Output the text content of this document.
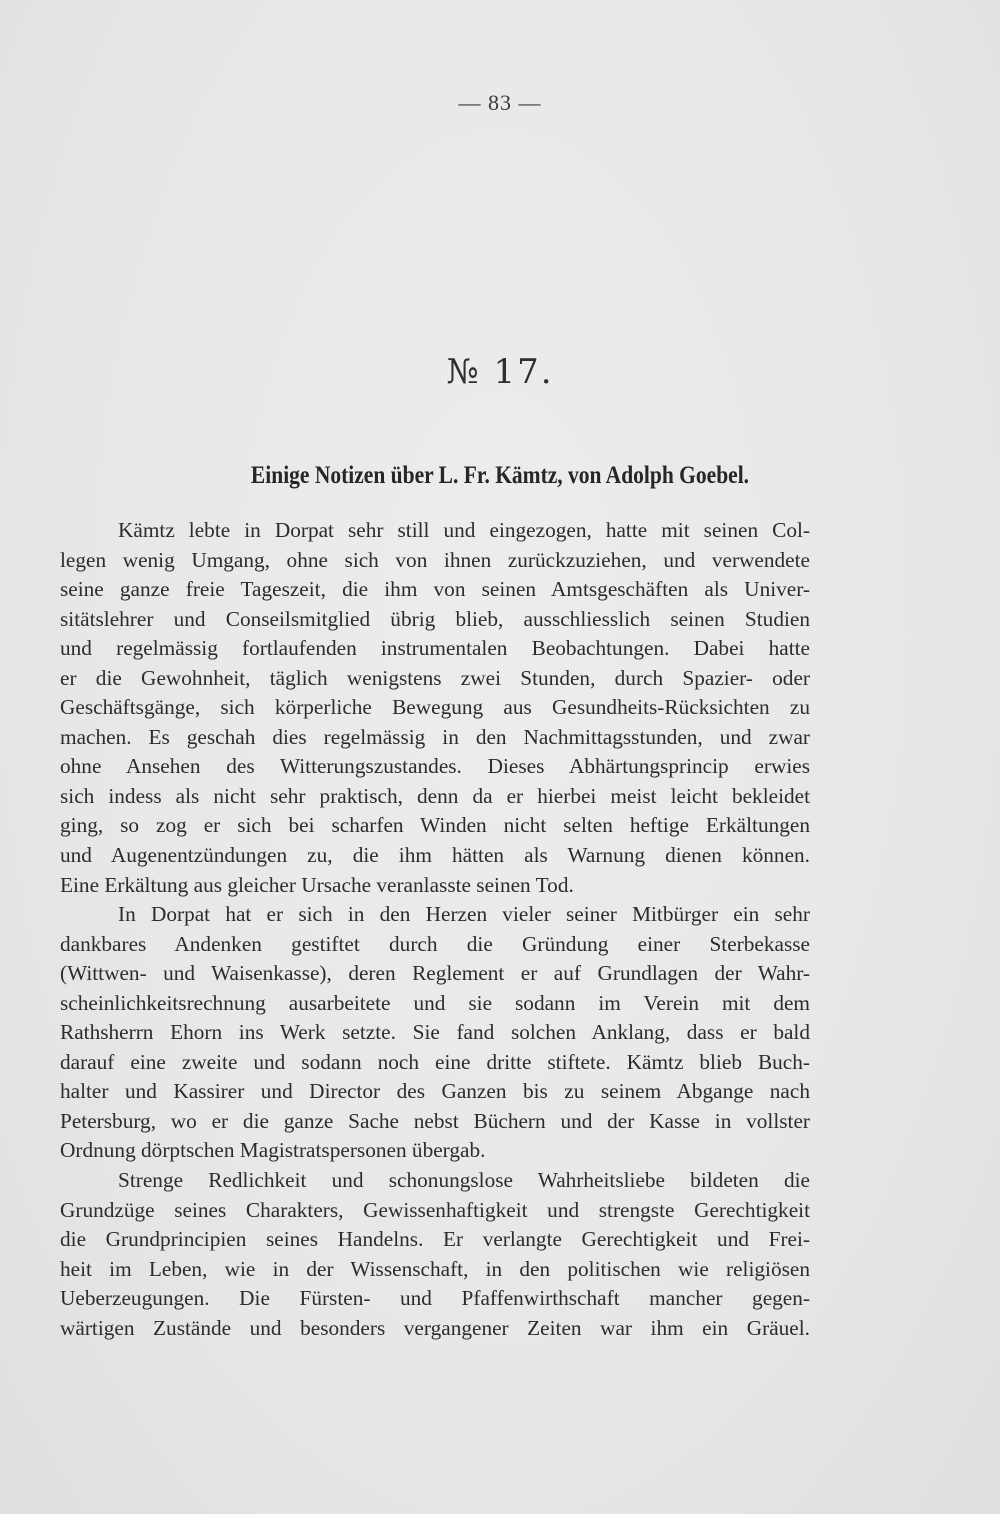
— 83 —
№ 17.
Einige Notizen über L. Fr. Kämtz, von Adolph Goebel.
Kämtz lebte in Dorpat sehr still und eingezogen, hatte mit seinen Col-
legen wenig Umgang, ohne sich von ihnen zurückzuziehen, und verwendete
seine ganze freie Tageszeit, die ihm von seinen Amtsgeschäften als Univer-
sitätslehrer und Conseilsmitglied übrig blieb, ausschliesslich seinen Studien
und regelmässig fortlaufenden instrumentalen Beobachtungen. Dabei hatte
er die Gewohnheit, täglich wenigstens zwei Stunden, durch Spazier- oder
Geschäftsgänge, sich körperliche Bewegung aus Gesundheits-Rücksichten zu
machen. Es geschah dies regelmässig in den Nachmittagsstunden, und zwar
ohne Ansehen des Witterungszustandes. Dieses Abhärtungsprincip erwies
sich indess als nicht sehr praktisch, denn da er hierbei meist leicht bekleidet
ging, so zog er sich bei scharfen Winden nicht selten heftige Erkältungen
und Augenentzündungen zu, die ihm hätten als Warnung dienen können.
Eine Erkältung aus gleicher Ursache veranlasste seinen Tod.
In Dorpat hat er sich in den Herzen vieler seiner Mitbürger ein sehr
dankbares Andenken gestiftet durch die Gründung einer Sterbekasse
(Wittwen- und Waisenkasse), deren Reglement er auf Grundlagen der Wahr-
scheinlichkeitsrechnung ausarbeitete und sie sodann im Verein mit dem
Rathsherrn Ehorn ins Werk setzte. Sie fand solchen Anklang, dass er bald
darauf eine zweite und sodann noch eine dritte stiftete. Kämtz blieb Buch-
halter und Kassirer und Director des Ganzen bis zu seinem Abgange nach
Petersburg, wo er die ganze Sache nebst Büchern und der Kasse in vollster
Ordnung dörptschen Magistratspersonen übergab.
Strenge Redlichkeit und schonungslose Wahrheitsliebe bildeten die
Grundzüge seines Charakters, Gewissenhaftigkeit und strengste Gerechtigkeit
die Grundprincipien seines Handelns. Er verlangte Gerechtigkeit und Frei-
heit im Leben, wie in der Wissenschaft, in den politischen wie religiösen
Ueberzeugungen. Die Fürsten- und Pfaffenwirthschaft mancher gegen-
wärtigen Zustände und besonders vergangener Zeiten war ihm ein Gräuel.
